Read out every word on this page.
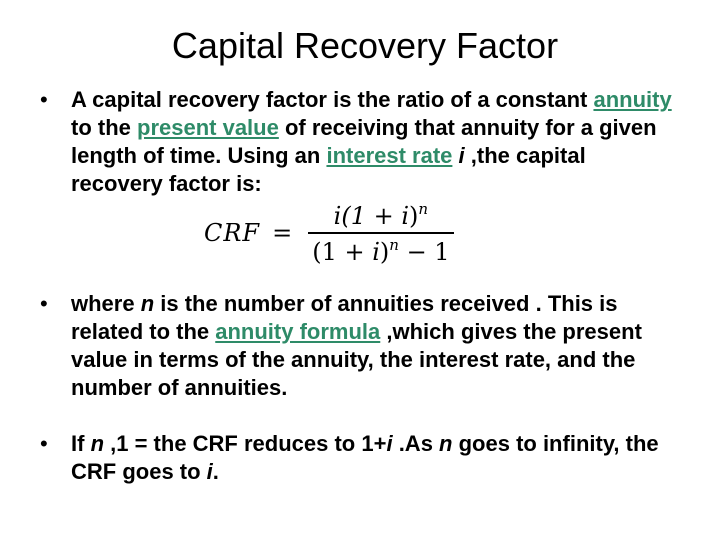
Capital Recovery Factor
• A capital recovery factor is the ratio of a constant annuity to the present value of receiving that annuity for a given length of time. Using an interest rate i ,the capital recovery factor is:
CRF = $\frac{i(1 + i)^n}{(1 + i)^n - 1}$
• where n is the number of annuities received . This is related to the annuity formula ,which gives the present value in terms of the annuity, the interest rate, and the number of annuities.
• If n ,1 = the CRF reduces to 1+i .As n goes to infinity, the CRF goes to i.
